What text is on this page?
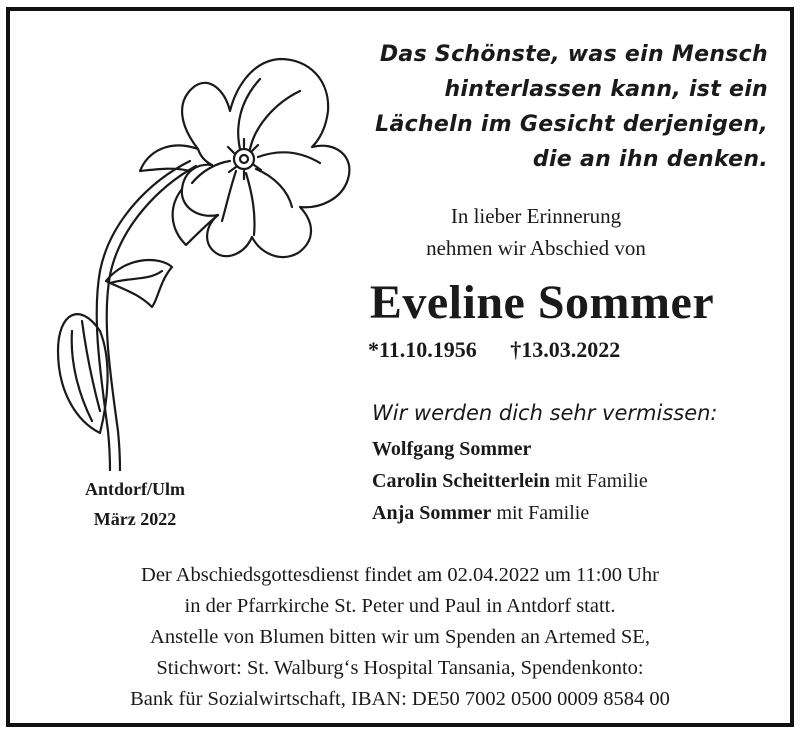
Das Schönste, was ein Mensch
hinterlassen kann, ist ein
Lächeln im Gesicht derjenigen,
die an ihn denken.
In lieber Erinnerung
nehmen wir Abschied von
Eveline Sommer
*11.10.1956 †13.03.2022
Wir werden dich sehr vermissen:
Wolfgang Sommer
Carolin Scheitterlein mit Familie
Anja Sommer mit Familie
Antdorf/Ulm
März 2022
Der Abschiedsgottesdienst findet am 02.04.2022 um 11:00 Uhr
in der Pfarrkirche St. Peter und Paul in Antdorf statt.
Anstelle von Blumen bitten wir um Spenden an Artemed SE,
Stichwort: St. Walburg‘s Hospital Tansania, Spendenkonto:
Bank für Sozialwirtschaft, IBAN: DE50 7002 0500 0009 8584 00
